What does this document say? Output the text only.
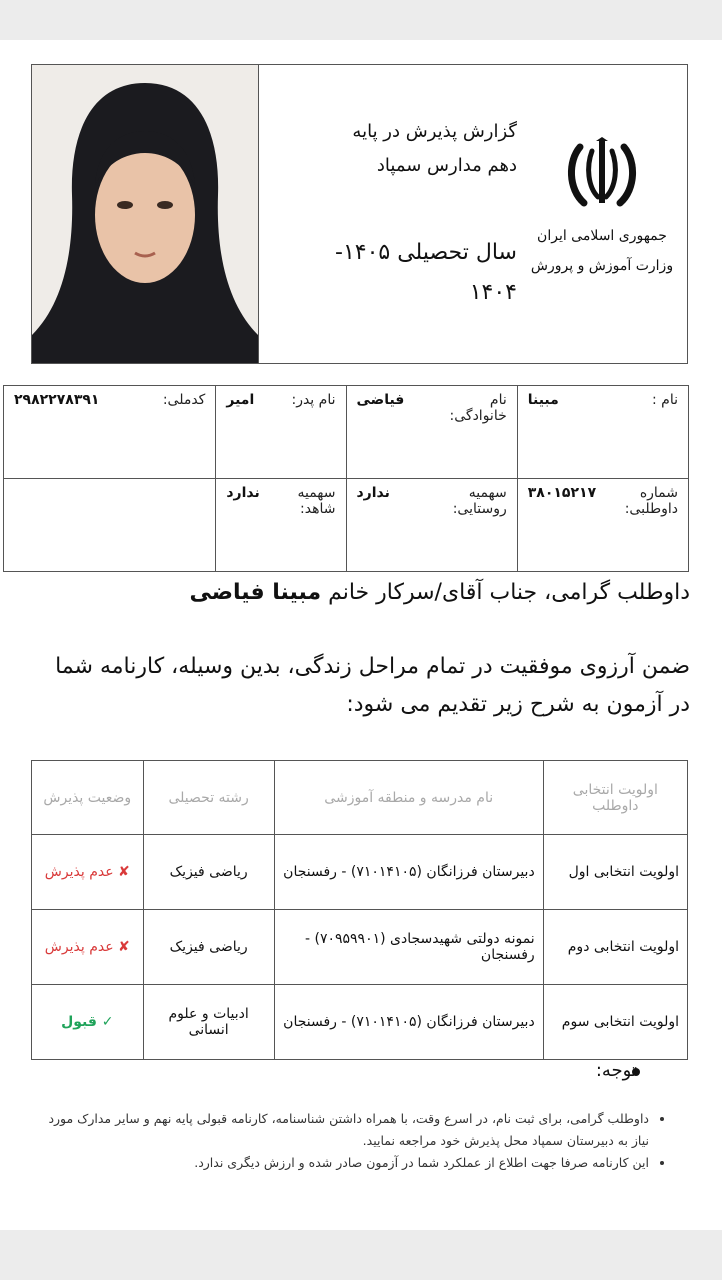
گزارش پذیرش در پایه
دهم مدارس سمپاد
سال تحصیلی ۱۴۰۵-
۱۴۰۴
جمهوری اسلامی ایران
وزارت آموزش و پرورش
نام :
مبینا	نام خانوادگی:
فیاضی	نام پدر:
امیر	کدملی:
۲۹۸۲۲۷۸۳۹۱

شماره داوطلبی:
۳۸۰۱۵۲۱۷	سهمیه روستایی:
ندارد	سهمیه شاهد:
ندارد	

داوطلب گرامی، جناب آقای/سرکار خانم مبینا فیاضی
ضمن آرزوی موفقیت در تمام مراحل زندگی، بدین وسیله، کارنامه شما در آزمون به شرح زیر تقدیم می شود:
اولویت انتخابی داوطلب	نام مدرسه و منطقه آموزشی	رشته تحصیلی	وضعیت پذیرش
اولویت انتخابی اول	دبیرستان فرزانگان (۷۱۰۱۴۱۰۵) - رفسنجان	ریاضی فیزیک	✘ عدم پذیرش
اولویت انتخابی دوم	نمونه دولتی شهیدسجادی (۷۰۹۵۹۹۰۱) - رفسنجان	ریاضی فیزیک	✘ عدم پذیرش
اولویت انتخابی سوم	دبیرستان فرزانگان (۷۱۰۱۴۱۰۵) - رفسنجان	ادبیات و علوم انسانی	✓ قبول
توجه:
• داوطلب گرامی، برای ثبت نام، در اسرع وقت، با همراه داشتن شناسنامه، کارنامه قبولی پایه نهم و سایر مدارک مورد نیاز به دبیرستان سمپاد محل پذیرش خود مراجعه نمایید.
• این کارنامه صرفا جهت اطلاع از عملکرد شما در آزمون صادر شده و ارزش دیگری ندارد.
